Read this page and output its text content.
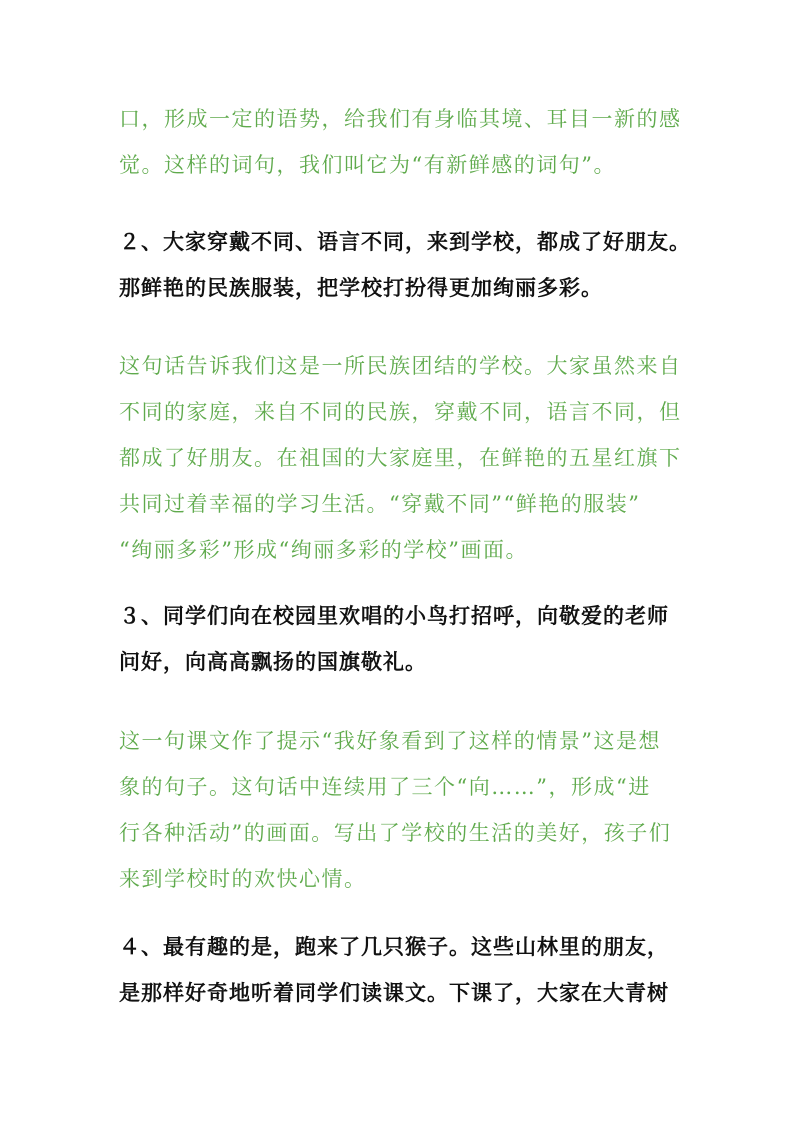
口，形成一定的语势，给我们有身临其境、耳目一新的感
觉。这样的词句，我们叫它为“有新鲜感的词句”。

２、大家穿戴不同、语言不同，来到学校，都成了好朋友。
那鲜艳的民族服装，把学校打扮得更加绚丽多彩。

这句话告诉我们这是一所民族团结的学校。大家虽然来自
不同的家庭，来自不同的民族，穿戴不同，语言不同，但
都成了好朋友。在祖国的大家庭里，在鲜艳的五星红旗下
共同过着幸福的学习生活。“穿戴不同”“鲜艳的服装”
“绚丽多彩”形成“绚丽多彩的学校”画面。

３、同学们向在校园里欢唱的小鸟打招呼，向敬爱的老师
问好，向高高飘扬的国旗敬礼。

这一句课文作了提示“我好象看到了这样的情景”这是想
象的句子。这句话中连续用了三个“向……”，形成“进
行各种活动”的画面。写出了学校的生活的美好，孩子们
来到学校时的欢快心情。

４、最有趣的是，跑来了几只猴子。这些山林里的朋友，
是那样好奇地听着同学们读课文。下课了，大家在大青树
